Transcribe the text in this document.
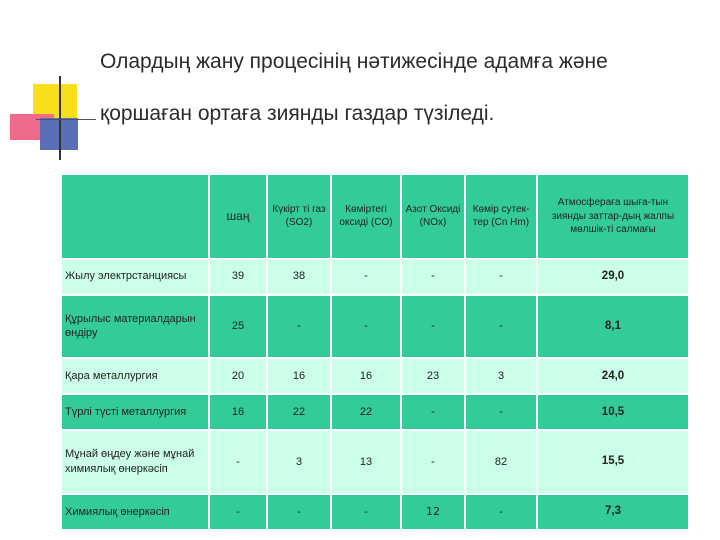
Олардың жану процесінің нәтижесінде адамға және
қоршаған ортаға зиянды газдар түзіледі.
	шаң	Күкірт ті газ (SO2)	Көміртегі оксиді (CO)	Азот Оксиді (NOx)	Көмір сутек-тер (Cn Hm)	Атмосфераға шыға-тын зиянды заттар-дың жалпы мөлшік-ті салмағы
Жылу электрстанциясы	39	38	-	-	-	29,0
Құрылыс материалдарын өндіру	25	-	-	-	-	8,1
Қара металлургия	20	16	16	23	3	24,0
Түрлі түсті металлургия	16	22	22	-	-	10,5
Мұнай өңдеу және мұнай химиялық өнеркәсіп	-	3	13	-	82	15,5
Химиялық өнеркәсіп	-	-	-	12	-	7,3
